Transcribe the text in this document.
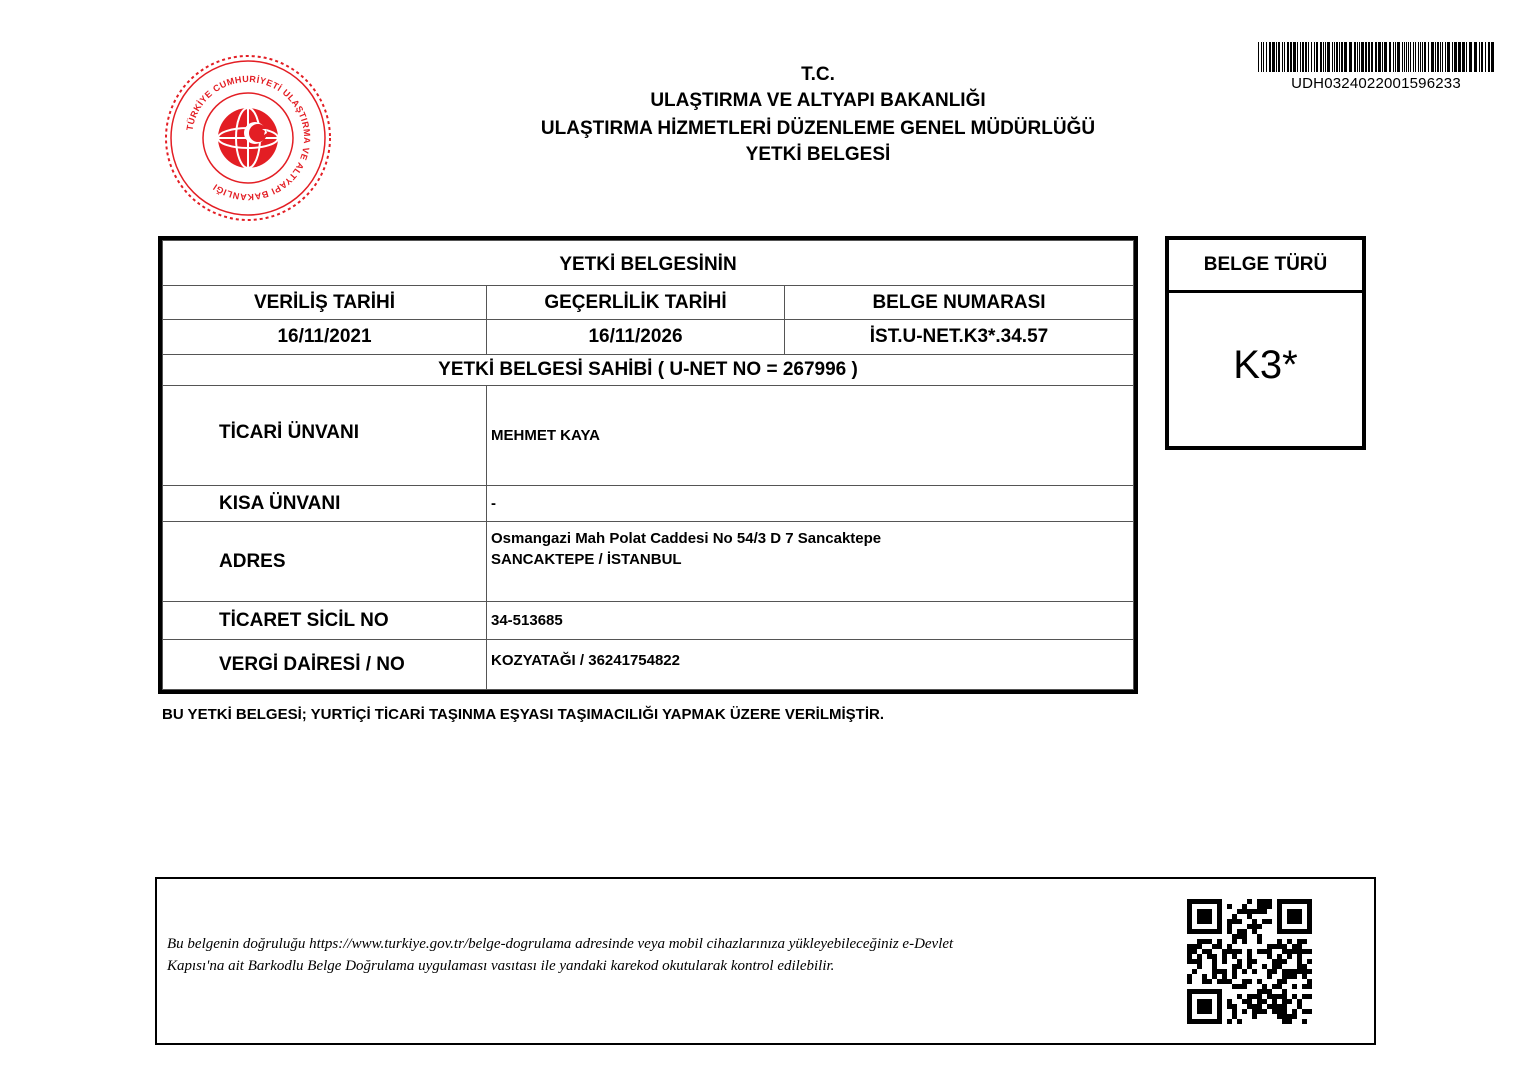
TÜRKİYE CUMHURİYETİ ULAŞTIRMA VE ALTYAPI BAKANLIĞI
T.C.
ULAŞTIRMA VE ALTYAPI BAKANLIĞI
ULAŞTIRMA HİZMETLERİ DÜZENLEME GENEL MÜDÜRLÜĞÜ
YETKİ BELGESİ
UDH0324022001596233
YETKİ BELGESİNİN		
VERİLİŞ TARİHİ	GEÇERLİLİK TARİHİ	BELGE NUMARASI
16/11/2021	16/11/2026	İST.U-NET.K3*.34.57
YETKİ BELGESİ SAHİBİ ( U-NET NO = 267996 )		
TİCARİ ÜNVANI	MEHMET KAYA	
KISA ÜNVANI	-	
ADRES	Osmangazi Mah Polat Caddesi No 54/3 D 7 Sancaktepe
SANCAKTEPE / İSTANBUL	

TİCARET SİCİL NO	34-513685	
VERGİ DAİRESİ / NO	KOZYATAĞI / 36241754822	
BELGE TÜRÜ
K3*
BU YETKİ BELGESİ; YURTİÇİ TİCARİ TAŞINMA EŞYASI TAŞIMACILIĞI YAPMAK ÜZERE VERİLMİŞTİR.
Bu belgenin doğruluğu https://www.turkiye.gov.tr/belge-dogrulama adresinde veya mobil cihazlarınıza yükleyebileceğiniz e-Devlet
Kapısı'na ait Barkodlu Belge Doğrulama uygulaması vasıtası ile yandaki karekod okutularak kontrol edilebilir.
